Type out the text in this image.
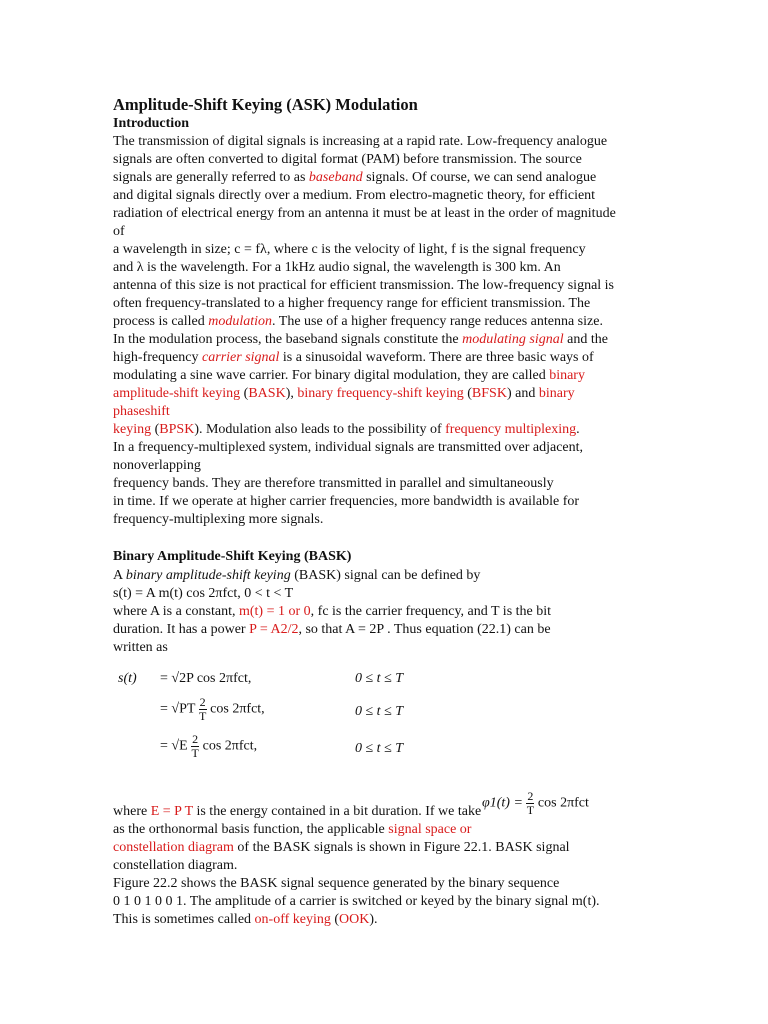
Amplitude-Shift Keying (ASK) Modulation
Introduction

The transmission of digital signals is increasing at a rapid rate. Low-frequency analogue

signals are often converted to digital format (PAM) before transmission. The source

signals are generally referred to as baseband signals. Of course, we can send analogue

and digital signals directly over a medium. From electro-magnetic theory, for efficient

radiation of electrical energy from an antenna it must be at least in the order of magnitude

of

a wavelength in size; c = fλ, where c is the velocity of light, f is the signal frequency

and λ is the wavelength. For a 1kHz audio signal, the wavelength is 300 km. An

antenna of this size is not practical for efficient transmission. The low-frequency signal is

often frequency-translated to a higher frequency range for efficient transmission. The

process is called modulation. The use of a higher frequency range reduces antenna size.

In the modulation process, the baseband signals constitute the modulating signal and the

high-frequency carrier signal is a sinusoidal waveform. There are three basic ways of

modulating a sine wave carrier. For binary digital modulation, they are called binary

amplitude-shift keying (BASK), binary frequency-shift keying (BFSK) and binary

phaseshift

keying (BPSK). Modulation also leads to the possibility of frequency multiplexing.

In a frequency-multiplexed system, individual signals are transmitted over adjacent,

nonoverlapping

frequency bands. They are therefore transmitted in parallel and simultaneously

in time. If we operate at higher carrier frequencies, more bandwidth is available for

frequency-multiplexing more signals.

Binary Amplitude-Shift Keying (BASK)

A binary amplitude-shift keying (BASK) signal can be defined by

s(t) = A m(t) cos 2πfct, 0 < t < T

where A is a constant, m(t) = 1 or 0, fc is the carrier frequency, and T is the bit

duration. It has a power P = A2/2, so that A = 2P . Thus equation (22.1) can be

written as

s(t) = √2P cos 2πfct,	0 ≤ t ≤ T
= $√PT \frac{2}{T}$ cos 2πfct,	0 ≤ t ≤ T
= $√E \frac{2}{T}$ cos 2πfct,	0 ≤ t ≤ T
$\varphi 1(t) = \frac{2}{T}$ cos 2πfct

where E = P T is the energy contained in a bit duration. If we take

as the orthonormal basis function, the applicable signal space or

constellation diagram of the BASK signals is shown in Figure 22.1. BASK signal

constellation diagram.

Figure 22.2 shows the BASK signal sequence generated by the binary sequence

0 1 0 1 0 0 1. The amplitude of a carrier is switched or keyed by the binary signal m(t).

This is sometimes called on-off keying (OOK).
